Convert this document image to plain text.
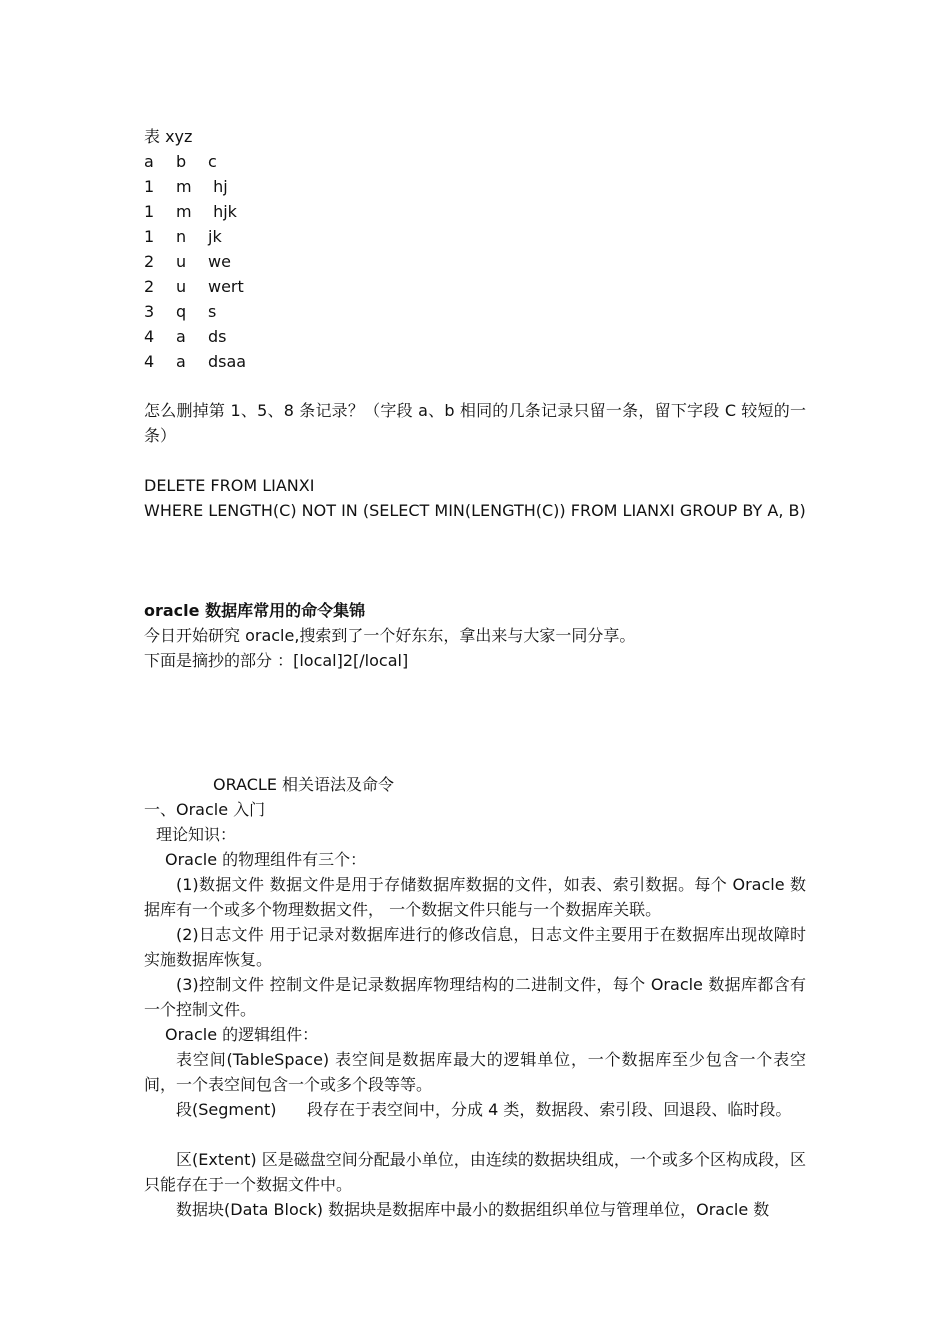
表 xyz
a b c
1 m hj
1 m hjk
1 n jk
2 u we
2 u wert
3 q s
4 a ds
4 a dsaa
怎么删掉第 1、5、8 条记录？（字段 a、b 相同的几条记录只留一条，留下字段 C 较短的一条）
DELETE FROM LIANXI
WHERE LENGTH(C) NOT IN (SELECT MIN(LENGTH(C)) FROM LIANXI GROUP BY A, B)
oracle 数据库常用的命令集锦
今日开始研究 oracle,搜索到了一个好东东，拿出来与大家一同分享。
下面是摘抄的部分 ：[local]2[/local]
ORACLE 相关语法及命令
一、Oracle 入门
理论知识：
Oracle 的物理组件有三个：
(1)数据文件 数据文件是用于存储数据库数据的文件，如表、索引数据。每个 Oracle 数据库有一个或多个物理数据文件， 一个数据文件只能与一个数据库关联。
(2)日志文件 用于记录对数据库进行的修改信息，日志文件主要用于在数据库出现故障时实施数据库恢复。
(3)控制文件 控制文件是记录数据库物理结构的二进制文件，每个 Oracle 数据库都含有一个控制文件。
Oracle 的逻辑组件：
表空间(TableSpace) 表空间是数据库最大的逻辑单位，一个数据库至少包含一个表空间，一个表空间包含一个或多个段等等。
段(Segment)      段存在于表空间中，分成 4 类，数据段、索引段、回退段、临时段。
区(Extent) 区是磁盘空间分配最小单位，由连续的数据块组成，一个或多个区构成段，区只能存在于一个数据文件中。
数据块(Data Block) 数据块是数据库中最小的数据组织单位与管理单位，Oracle 数
